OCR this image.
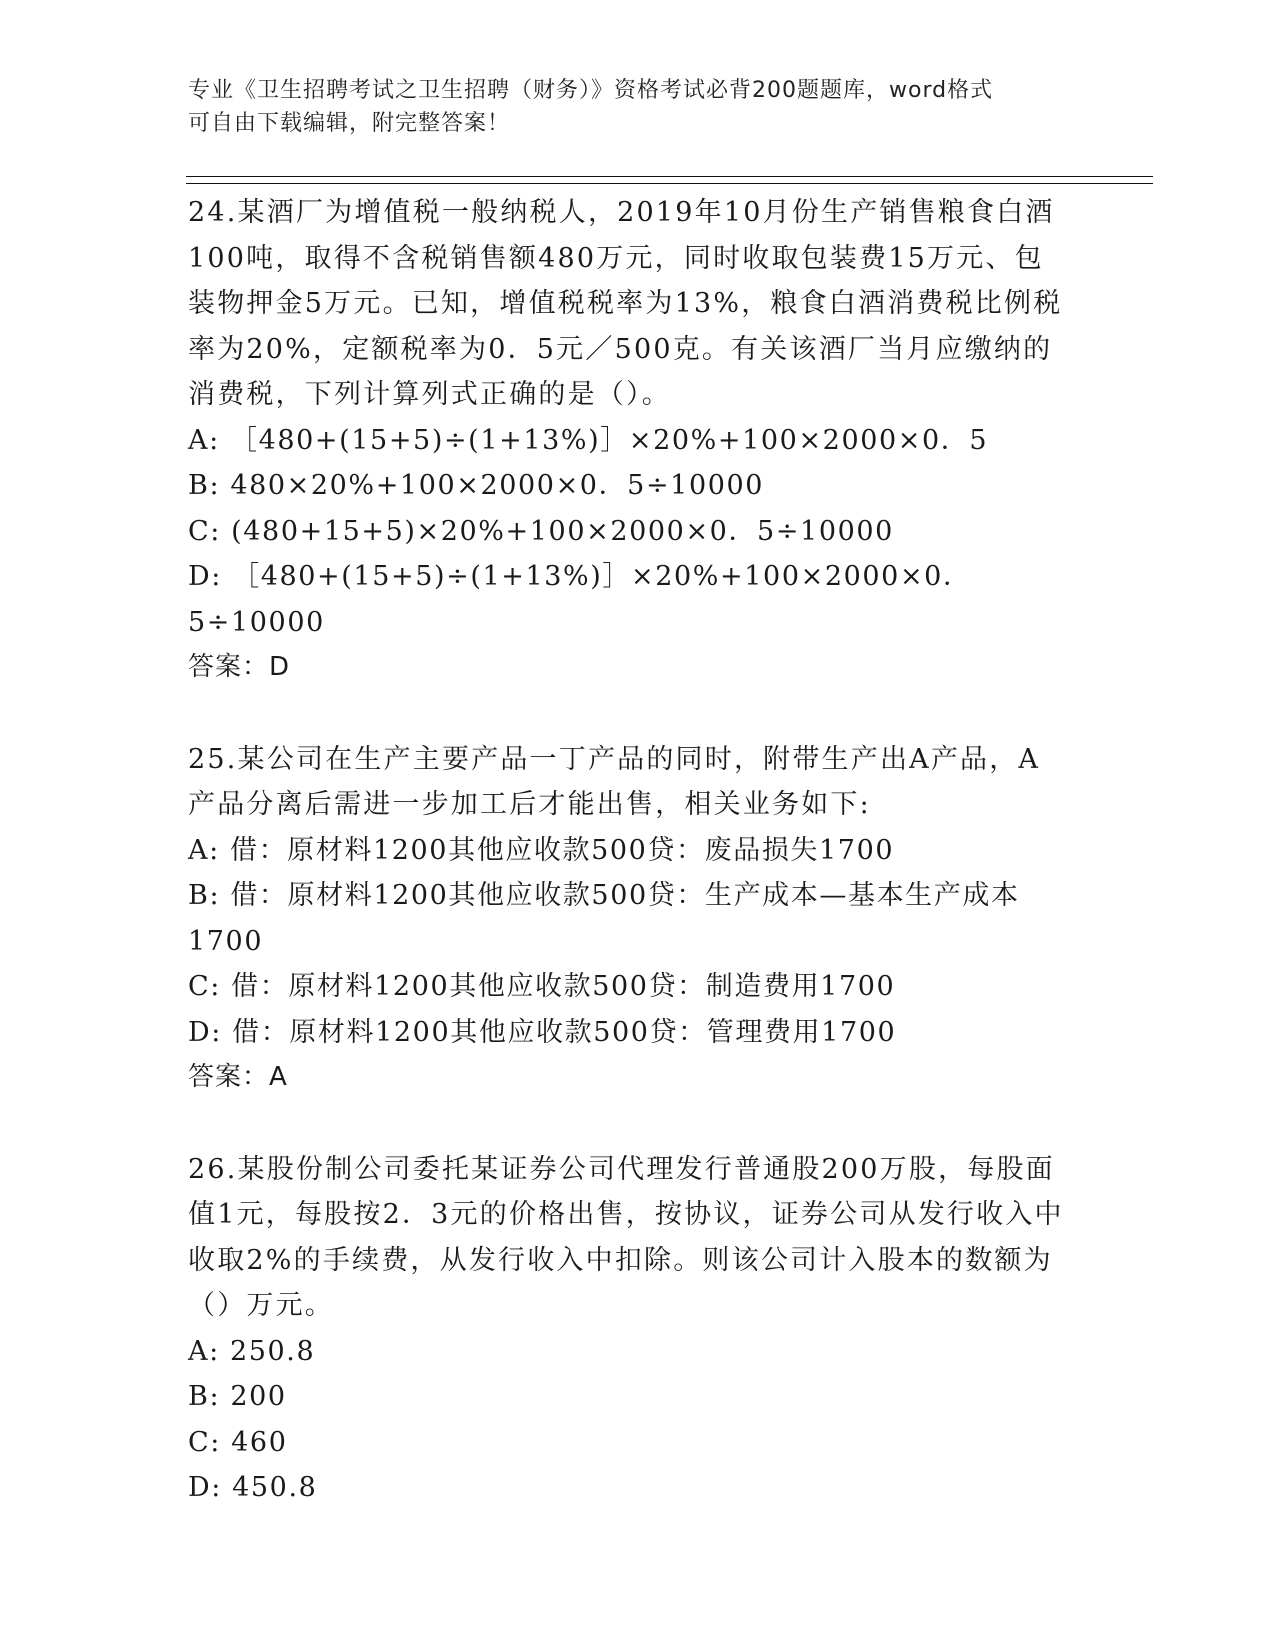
专业《卫生招聘考试之卫生招聘（财务）》资格考试必背200题题库，word格式
可自由下载编辑，附完整答案！
24.某酒厂为增值税一般纳税人，2019年10月份生产销售粮食白酒100吨，取得不含税销售额480万元，同时收取包装费15万元、包装物押金5万元。已知，增值税税率为13%，粮食白酒消费税比例税率为20%，定额税率为0．5元／500克。有关该酒厂当月应缴纳的消费税，下列计算列式正确的是（）。
A: ［480+(15+5)÷(1+13%)］×20%+100×2000×0．5
B: 480×20%+100×2000×0．5÷10000
C: (480+15+5)×20%+100×2000×0．5÷10000
D: ［480+(15+5)÷(1+13%)］×20%+100×2000×0．5÷10000
答案：D
25.某公司在生产主要产品一丁产品的同时，附带生产出A产品，A产品分离后需进一步加工后才能出售，相关业务如下:
A: 借：原材料1200其他应收款500贷：废品损失1700
B: 借：原材料1200其他应收款500贷：生产成本—基本生产成本1700
C: 借：原材料1200其他应收款500贷：制造费用1700
D: 借：原材料1200其他应收款500贷：管理费用1700
答案：A
26.某股份制公司委托某证券公司代理发行普通股200万股，每股面值1元，每股按2．3元的价格出售，按协议，证券公司从发行收入中收取2%的手续费，从发行收入中扣除。则该公司计入股本的数额为（）万元。
A: 250.8
B: 200
C: 460
D: 450.8
